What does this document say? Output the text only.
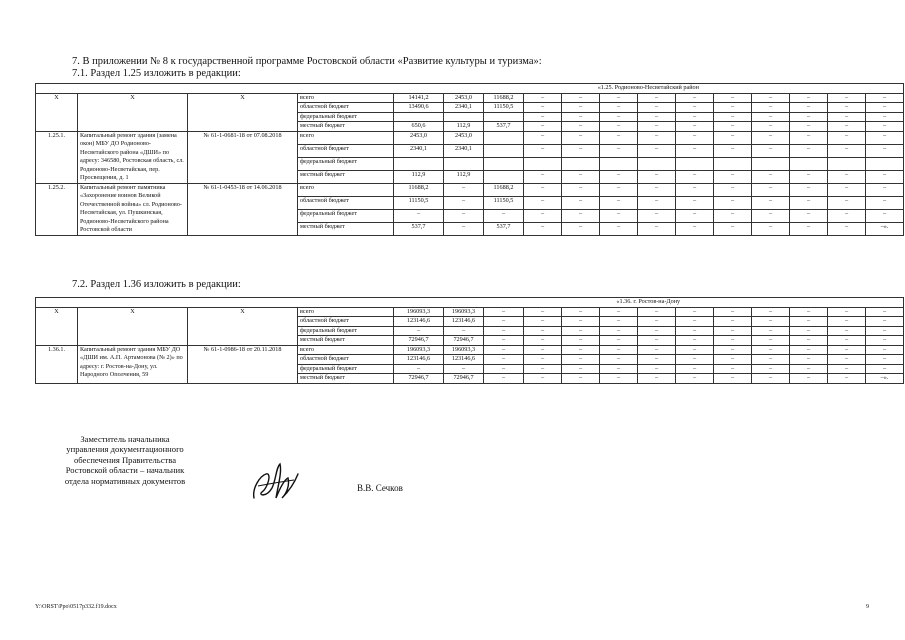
7. В приложении № 8 к государственной программе Ростовской области «Развитие культуры и туризма»:
7.1. Раздел 1.25 изложить в редакции:
				«1.25. Родионово-Несветайский район												
Х	Х	Х	всего	14141,2	2453,0	11688,2	–	–	–	–	–	–	–	–	–	–
			областной бюджет	13490,6	2340,1	11150,5	–	–	–	–	–	–	–	–	–	–
			федеральный бюджет				–	–	–	–	–	–	–	–	–	–
			местный бюджет	650,6	112,9	537,7	–	–	–	–	–	–	–	–	–	–
1.25.1.	Капитальный ремонт здания (замена окон) МБУ ДО Родионово-Несветайского района «ДШИ» по адресу: 346580, Ростовская область, сл. Родионово-Несветайская, пер. Просвещения, д. 1	№ 61-1-0681-18 от 07.08.2018	всего	2453,0	2453,0		–	–	–	–	–	–	–	–	–	–
			областной бюджет	2340,1	2340,1		–	–	–	–	–	–	–	–	–	–
			федеральный бюджет													
			местный бюджет	112,9	112,9		–	–	–	–	–	–	–	–	–	–
1.25.2.	Капитальный ремонт памятника «Захоронение воинов Великой Отечественной войны» сл. Родионово-Несветайская, ул. Пушкинская, Родионово-Несветайского района Ростовской области	№ 61-1-0453-18 от 14.06.2018	всего	11688,2	–	11688,2	–	–	–	–	–	–	–	–	–	–
			областной бюджет	11150,5	–	11150,5	–	–	–	–	–	–	–	–	–	–
			федеральный бюджет	–	–	–	–	–	–	–	–	–	–	–	–	–
			местный бюджет	537,7	–	537,7	–	–	–	–	–	–	–	–	–	–».
7.2. Раздел 1.36 изложить в редакции:
				«1.36. г. Ростов-на-Дону												
Х	Х	Х	всего	196093,3	196093,3	–	–	–	–	–	–	–	–	–	–	–
			областной бюджет	123146,6	123146,6	–	–	–	–	–	–	–	–	–	–	–
			федеральный бюджет	–	–	–	–	–	–	–	–	–	–	–	–	–
			местный бюджет	72946,7	72946,7	–	–	–	–	–	–	–	–	–	–	–
1.36.1.	Капитальный ремонт здания МБУ ДО «ДШИ им. А.П. Артамонова (№ 2)» по адресу: г. Ростов-на-Дону, ул. Народного Ополчения, 59	№ 61-1-0986-18 от 20.11.2018	всего	196093,3	196093,3	–	–	–	–	–	–	–	–	–	–	–
			областной бюджет	123146,6	123146,6	–	–	–	–	–	–	–	–	–	–	–
			федеральный бюджет	–	–	–	–	–	–	–	–	–	–	–	–	–
			местный бюджет	72946,7	72946,7	–	–	–	–	–	–	–	–	–	–	–».
Заместитель начальника
управления документационного
обеспечения Правительства
Ростовской области – начальник
отдела нормативных документов
В.В. Сечков
Y:\ORST\Ppo\0517p332.f19.docx	9
